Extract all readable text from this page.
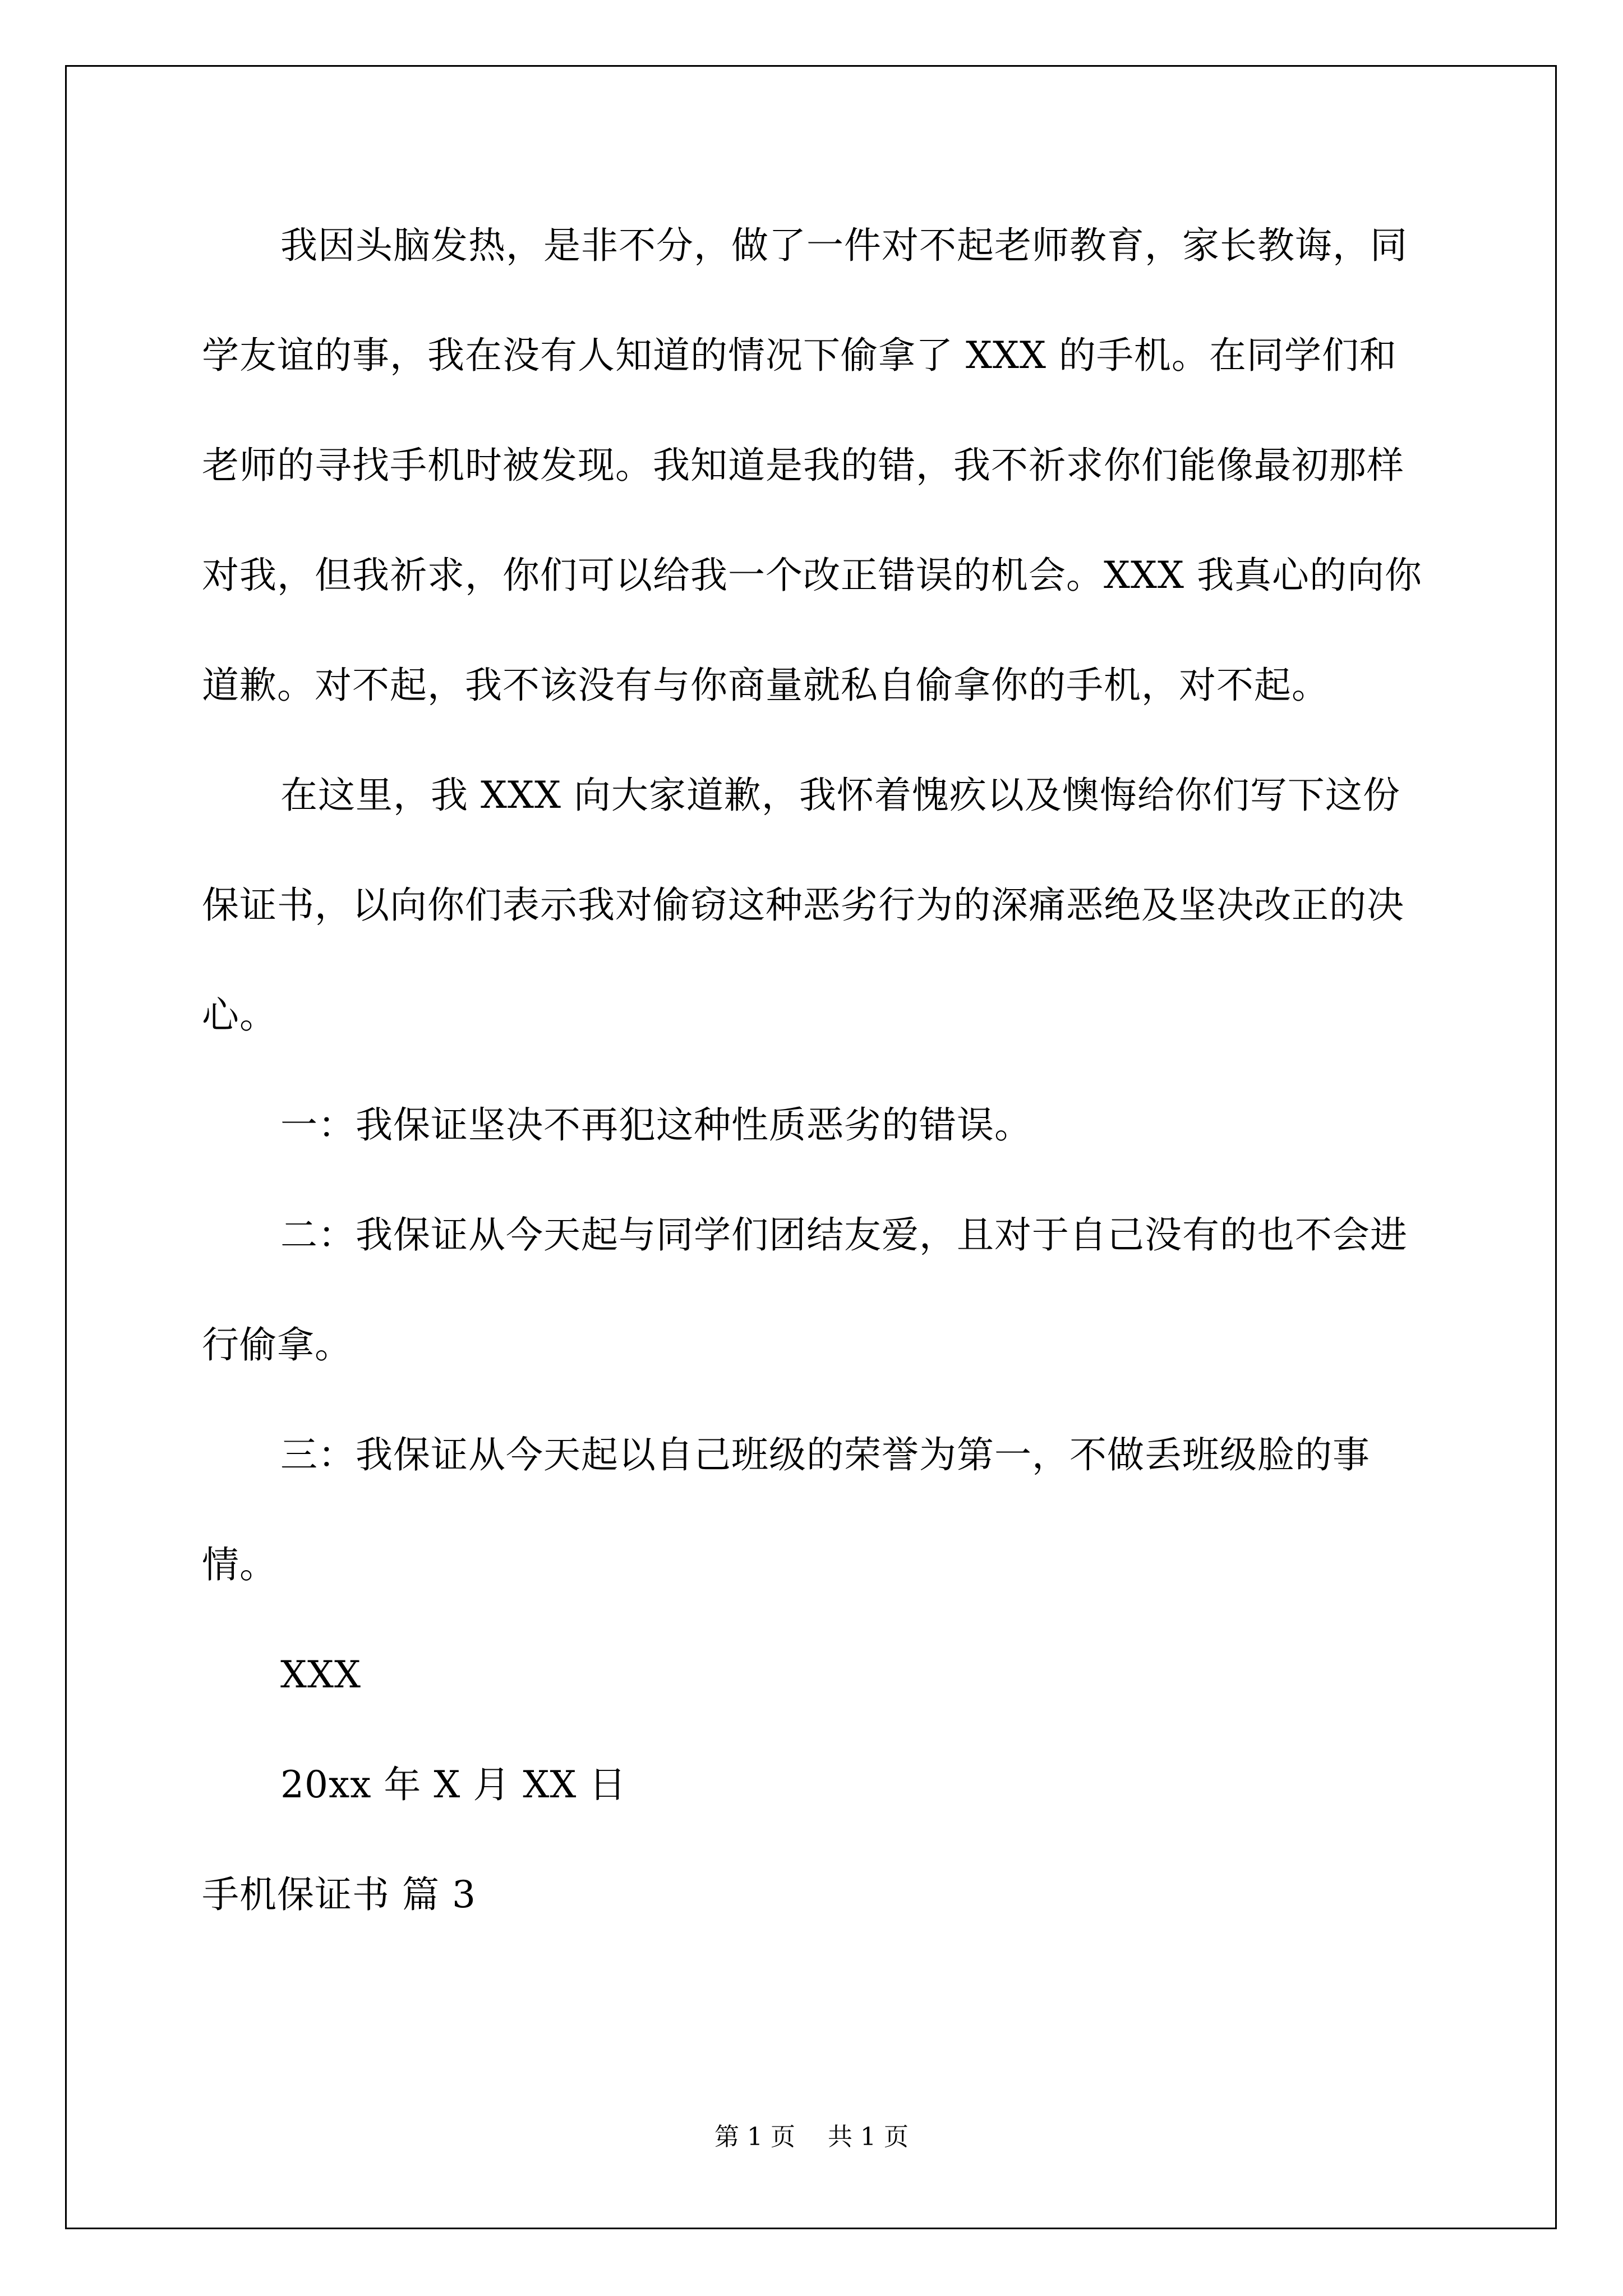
我因头脑发热，是非不分，做了一件对不起老师教育，家长教诲，同学友谊的事，我在没有人知道的情况下偷拿了 XXX 的手机。在同学们和老师的寻找手机时被发现。我知道是我的错，我不祈求你们能像最初那样对我，但我祈求，你们可以给我一个改正错误的机会。XXX 我真心的向你道歉。对不起，我不该没有与你商量就私自偷拿你的手机，对不起。

在这里，我 XXX 向大家道歉，我怀着愧疚以及懊悔给你们写下这份保证书，以向你们表示我对偷窃这种恶劣行为的深痛恶绝及坚决改正的决心。

一：我保证坚决不再犯这种性质恶劣的错误。

二：我保证从今天起与同学们团结友爱，且对于自己没有的也不会进行偷拿。

三：我保证从今天起以自己班级的荣誉为第一，不做丢班级脸的事情。

XXX

20xx 年 X 月 XX 日

手机保证书 篇 3

第 1 页 共 1 页
